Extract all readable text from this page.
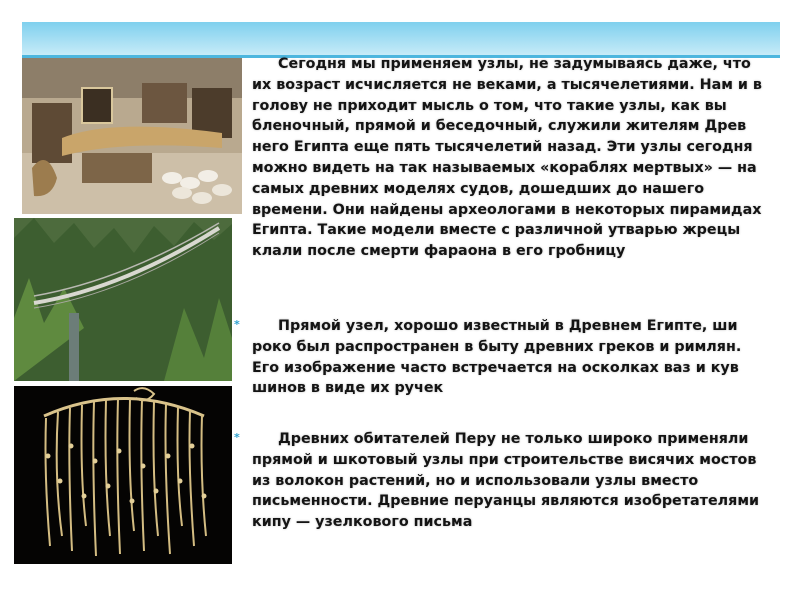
Сегодня мы применяем узлы, не задумываясь даже, что их возраст исчисляется не веками, а тысячелетиями. Нам и в голову не приходит мысль о том, что такие узлы, как вы бленочный, прямой и беседочный, служили жителям Древ него Египта еще пять тысячелетий назад. Эти узлы сегодня можно видеть на так называемых «кораблях мертвых» — на самых древних моделях судов, дошедших до нашего времени. Они найдены археологами в некоторых пирамидах Египта. Такие модели вместе с различной утварью жрецы клали после смерти фараона в его гробницу

*	Прямой узел, хорошо известный в Древнем Египте, ши роко был распространен в быту древних греков и римлян. Его изображение часто встречается на осколках ваз и кув шинов в виде их ручек

*	Древних обитателей Перу не только широко применяли прямой и шкотовый узлы при строительстве висячих мостов из волокон растений, но и использовали узлы вместо письменности. Древние перуанцы являются изобретателями кипу — узелкового письма
